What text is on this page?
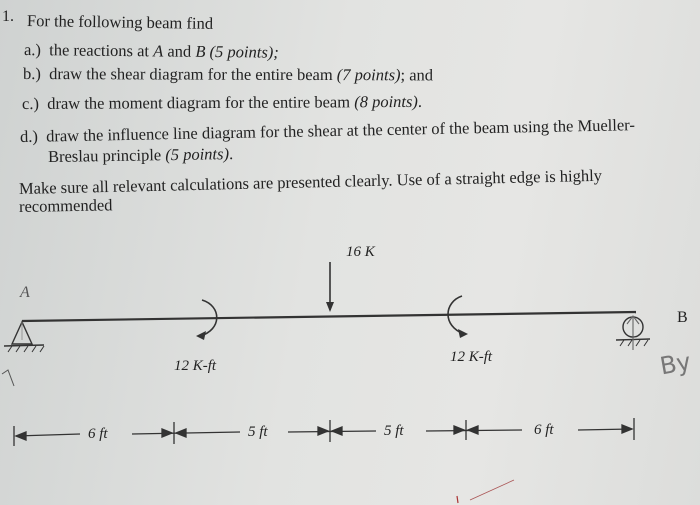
1. For the following beam find
a.) the reactions at A and B (5 points);
b.) draw the shear diagram for the entire beam (7 points); and
c.) draw the moment diagram for the entire beam (8 points).
d.) draw the influence line diagram for the shear at the center of the beam using the Mueller-
Breslau principle (5 points).
Make sure all relevant calculations are presented clearly. Use of a straight edge is highly
recommended
16 K
A
B
12 K-ft
12 K-ft	By
6 ft	5 ft	5 ft	6 ft
